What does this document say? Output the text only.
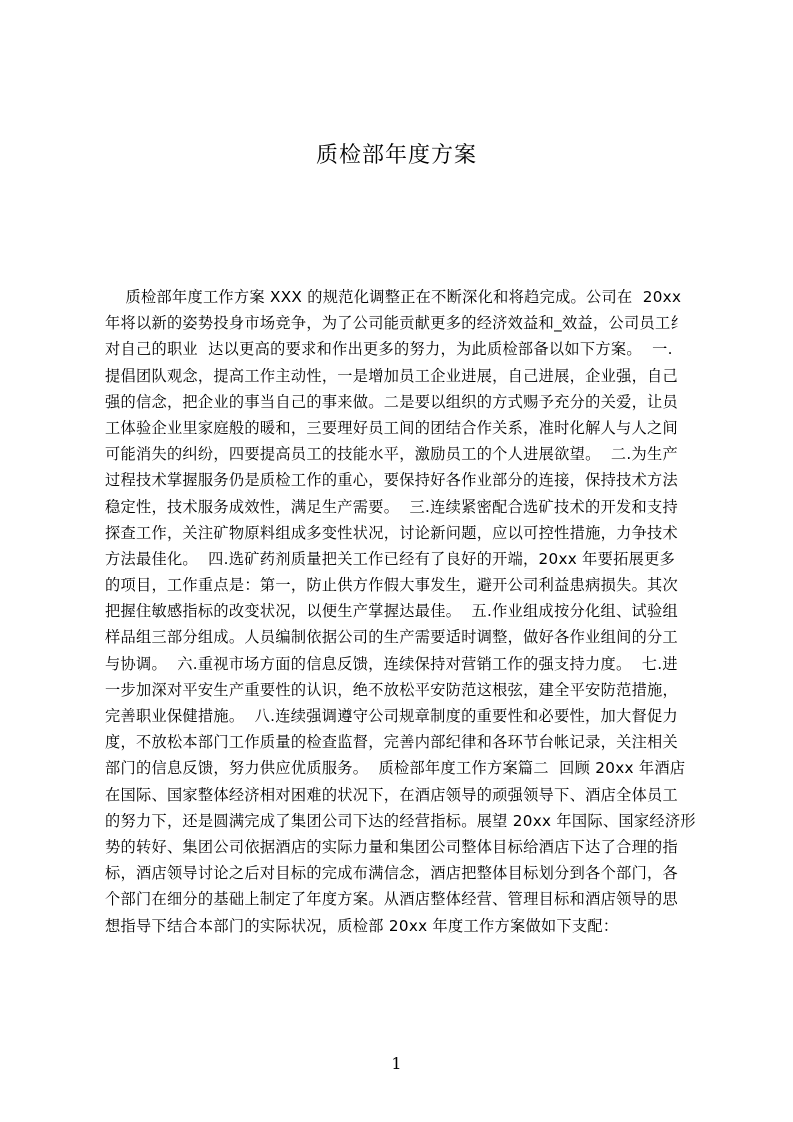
质检部年度方案
质检部年度工作方案 XXX 的规范化调整正在不断深化和将趋完成。公司在  20xx
年将以新的姿势投身市场竞争，为了公司能贡献更多的经济效益和_效益，公司员工纟
对自己的职业  达以更高的要求和作出更多的努力，为此质检部备以如下方案。  一.
提倡团队观念，提高工作主动性，一是增加员工企业进展，自己进展，企业强，自己
强的信念，把企业的事当自己的事来做。二是要以组织的方式赐予充分的关爱，让员
工体验企业里家庭般的暖和，三要理好员工间的团结合作关系，准时化解人与人之间
可能消失的纠纷，四要提高员工的技能水平，激励员工的个人进展欲望。  二.为生产
过程技术掌握服务仍是质检工作的重心，要保持好各作业部分的连接，保持技术方法
稳定性，技术服务成效性，满足生产需要。  三.连续紧密配合选矿技术的开发和支持
探查工作，关注矿物原料组成多变性状况，讨论新问题，应以可控性措施，力争技术
方法最佳化。  四.选矿药剂质量把关工作已经有了良好的开端，20xx 年要拓展更多
的项目，工作重点是：第一，防止供方作假大事发生，避开公司利益患病损失。其次
把握住敏感指标的改变状况，以便生产掌握达最佳。  五.作业组成按分化组、试验组
样品组三部分组成。人员编制依据公司的生产需要适时调整，做好各作业组间的分工
与协调。  六.重视市场方面的信息反馈，连续保持对营销工作的强支持力度。  七.进
一步加深对平安生产重要性的认识，绝不放松平安防范这根弦，建全平安防范措施，
完善职业保健措施。  八.连续强调遵守公司规章制度的重要性和必要性，加大督促力
度，不放松本部门工作质量的检查监督，完善内部纪律和各环节台帐记录，关注相关
部门的信息反馈，努力供应优质服务。  质检部年度工作方案篇二  回顾 20xx 年酒店
在国际、国家整体经济相对困难的状况下，在酒店领导的顽强领导下、酒店全体员工
的努力下，还是圆满完成了集团公司下达的经营指标。展望 20xx 年国际、国家经济形
势的转好、集团公司依据酒店的实际力量和集团公司整体目标给酒店下达了合理的指
标，酒店领导讨论之后对目标的完成布满信念，酒店把整体目标划分到各个部门，各
个部门在细分的基础上制定了年度方案。从酒店整体经营、管理目标和酒店领导的思
想指导下结合本部门的实际状况，质检部 20xx 年度工作方案做如下支配：
1
